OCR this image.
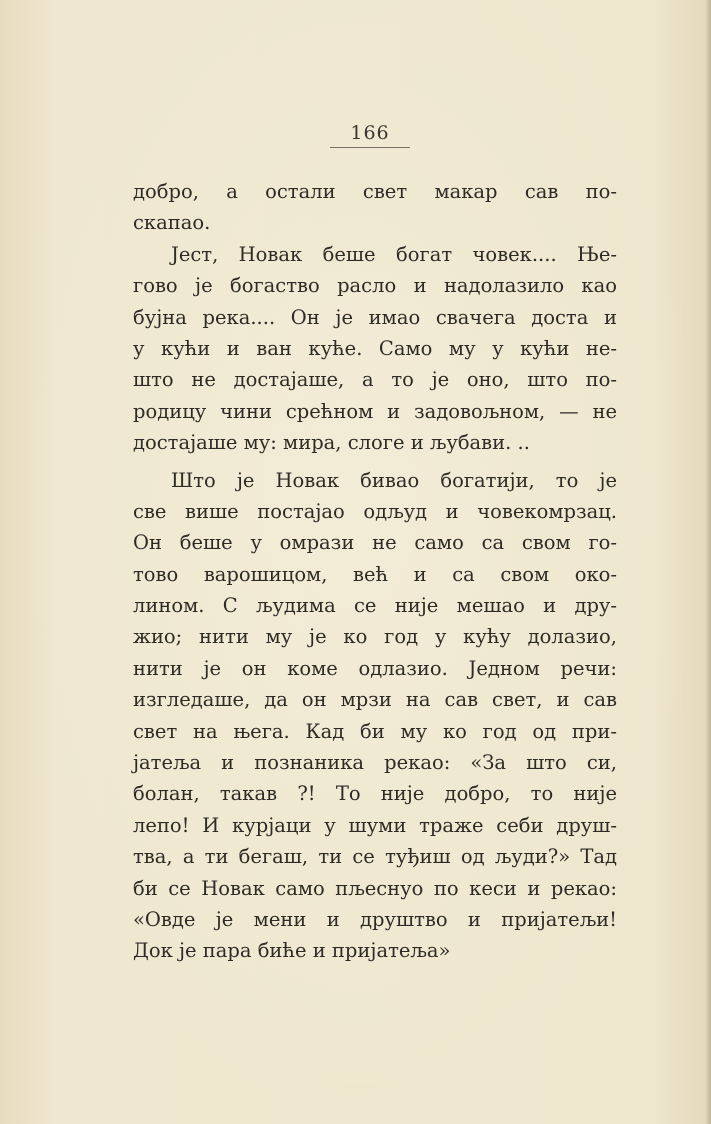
166
добро, а остали свет макар сав по-
скапао.
Јест, Новак беше богат човек.... Ње-
гово је богаство расло и надолазило као
бујна река.... Он је имао свачега доста и
у кући и ван куће. Само му у кући не-
што не достајаше, а то је оно, што по-
родицу чини срећном и задовољном, — не
достајаше му: мира, слоге и љубави. ..
Што је Новак бивао богатији, то је
све више постајао одљуд и човекомрзац.
Он беше у омрази не само са свом го-
тово варошицом, већ и са свом око-
лином. С људима се није мешао и дру-
жио; нити му је ко год у кућу долазио,
нити је он коме одлазио. Једном речи:
изгледаше, да он мрзи на сав свет, и сав
свет на њега. Кад би му ко год од при-
јатеља и познаника рекао: «За што си,
болан, такав ?! То није добро, то није
лепо! И курјаци у шуми траже себи друш-
тва, а ти бегаш, ти се туђиш од људи?» Тад
би се Новак само пљеснуо по кеси и рекао:
«Овде је мени и друштво и пријатељи!
Док је пара биће и пријатеља»
